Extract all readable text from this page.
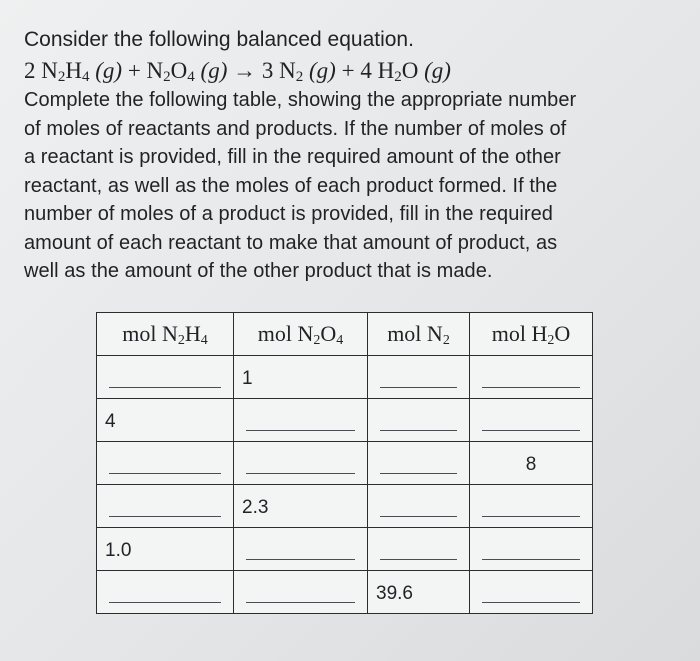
Consider the following balanced equation.
2 $N_2H_4$ $(g) + N_2O_4$ (g) → 3 $N_2$ (g) + 4 $H_2O$ (g)
Complete the following table, showing the appropriate number
of moles of reactants and products. If the number of moles of
a reactant is provided, fill in the required amount of the other
reactant, as well as the moles of each product formed. If the
number of moles of a product is provided, fill in the required
amount of each reactant to make that amount of product, as
well as the amount of the other product that is made.
mol $N_2H_4$	mol $N_2O_4$	mol $N_2$	mol $H_2O$

	1		

4			

			8

	2.3		

1.0			

		39.6	
